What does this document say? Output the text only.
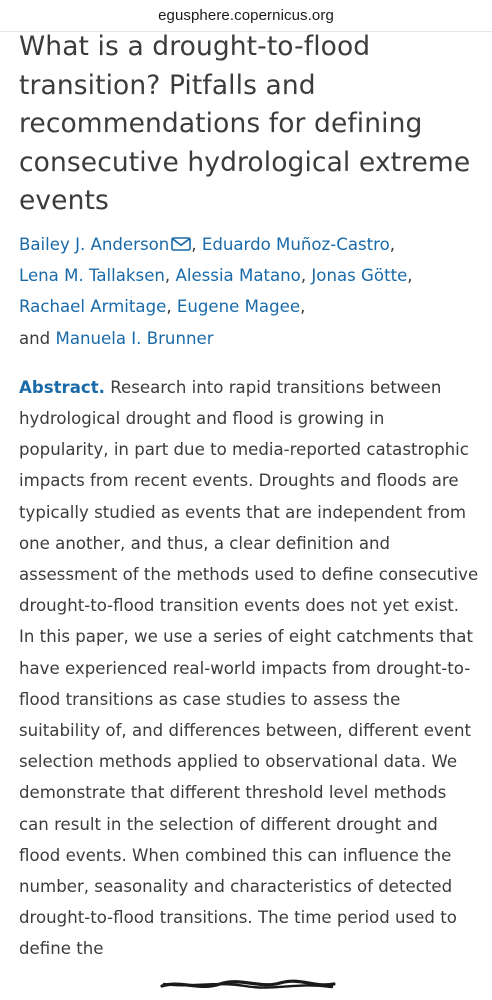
egusphere.copernicus.org
What is a drought-to-flood transition? Pitfalls and recommendations for defining consecutive hydrological extreme events
Bailey J. Anderson , Eduardo Muñoz-Castro,
Lena M. Tallaksen, Alessia Matano, Jonas Götte,
Rachael Armitage, Eugene Magee,
and Manuela I. Brunner

Abstract. Research into rapid transitions between hydrological drought and flood is growing in popularity, in part due to media-reported catastrophic impacts from recent events. Droughts and floods are typically studied as events that are independent from one another, and thus, a clear definition and assessment of the methods used to define consecutive drought-to-flood transition events does not yet exist. In this paper, we use a series of eight catchments that have experienced real-world impacts from drought-to-flood transitions as case studies to assess the suitability of, and differences between, different event selection methods applied to observational data. We demonstrate that different threshold level methods can result in the selection of different drought and flood events. When combined this can influence the number, seasonality and characteristics of detected drought-to-flood transitions. The time period used to define the
